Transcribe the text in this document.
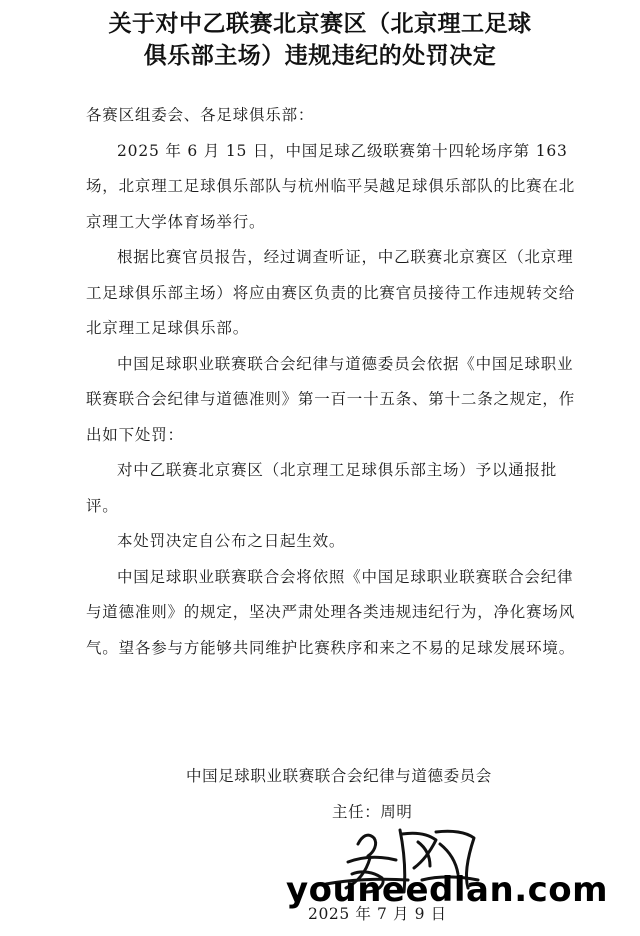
关于对中乙联赛北京赛区（北京理工足球
俱乐部主场）违规违纪的处罚决定

各赛区组委会、各足球俱乐部：

2025 年 6 月 15 日，中国足球乙级联赛第十四轮场序第 163 场，北京理工足球俱乐部队与杭州临平吴越足球俱乐部队的比赛在北京理工大学体育场举行。

根据比赛官员报告，经过调查听证，中乙联赛北京赛区（北京理工足球俱乐部主场）将应由赛区负责的比赛官员接待工作违规转交给北京理工足球俱乐部。

中国足球职业联赛联合会纪律与道德委员会依据《中国足球职业联赛联合会纪律与道德准则》第一百一十五条、第十二条之规定，作出如下处罚：

对中乙联赛北京赛区（北京理工足球俱乐部主场）予以通报批评。

本处罚决定自公布之日起生效。

中国足球职业联赛联合会将依照《中国足球职业联赛联合会纪律与道德准则》的规定，坚决严肃处理各类违规违纪行为，净化赛场风气。望各参与方能够共同维护比赛秩序和来之不易的足球发展环境。

中国足球职业联赛联合会纪律与道德委员会
主任：周明
youneedlan.com
2025 年 7 月 9 日
